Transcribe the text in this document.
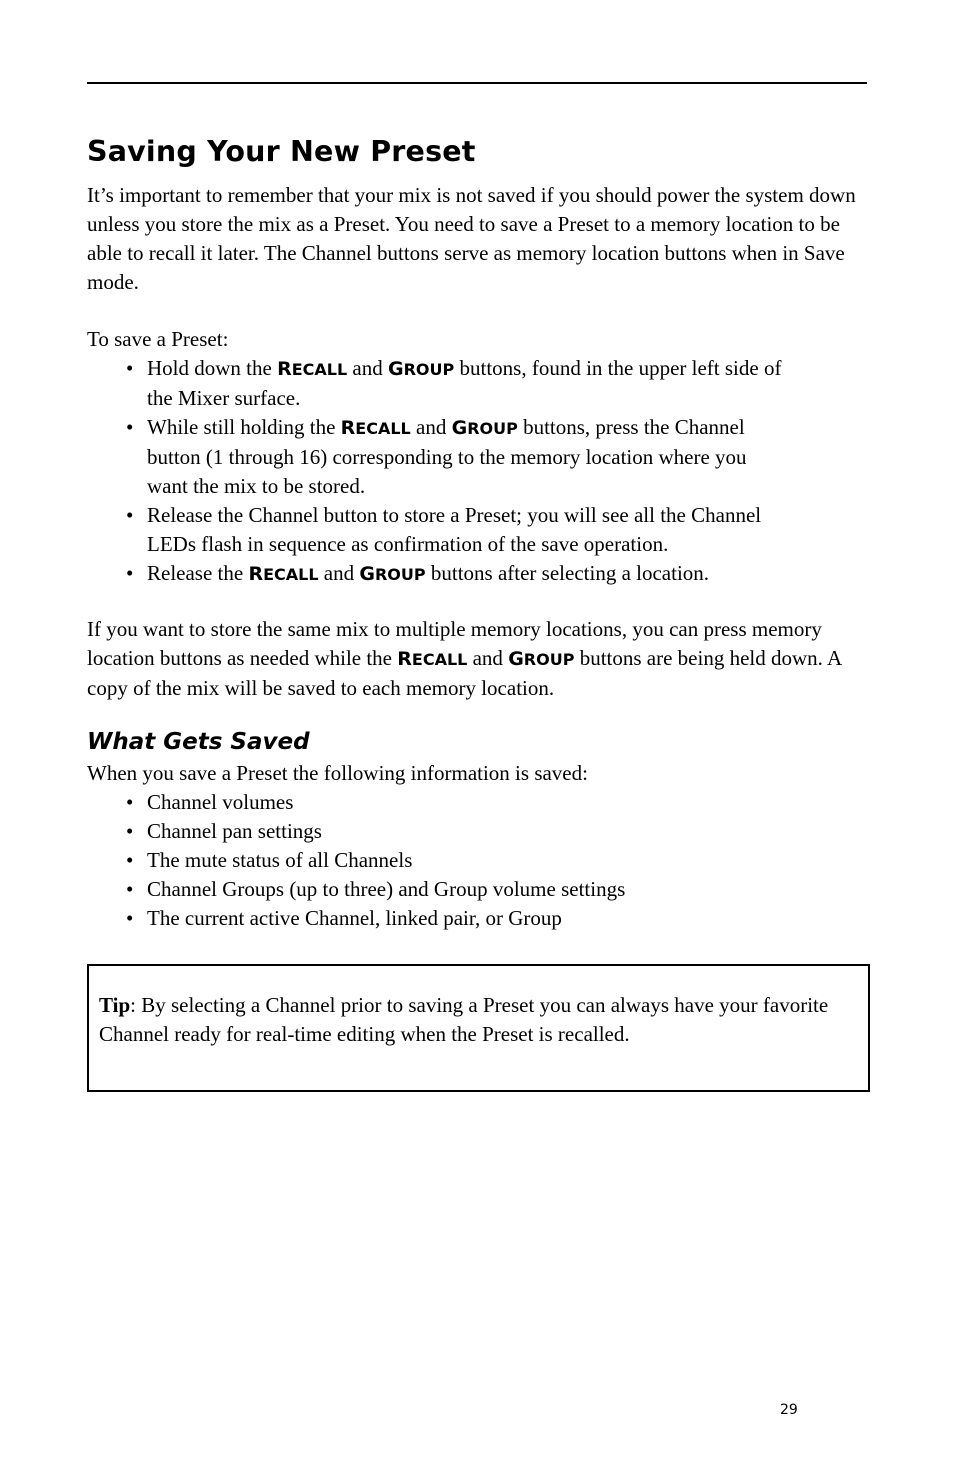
Saving Your New Preset

It’s important to remember that your mix is not saved if you should power the system down unless you store the mix as a Preset. You need to save a Preset to a memory location to be able to recall it later. The Channel buttons serve as memory location buttons when in Save mode.

To save a Preset:

• Hold down the RECALL and GROUP buttons, found in the upper left side of the Mixer surface.
• While still holding the RECALL and GROUP buttons, press the Channel button (1 through 16) corresponding to the memory location where you want the mix to be stored.
• Release the Channel button to store a Preset; you will see all the Channel LEDs flash in sequence as confirmation of the save operation.
• Release the RECALL and GROUP buttons after selecting a location.

If you want to store the same mix to multiple memory locations, you can press memory location buttons as needed while the RECALL and GROUP buttons are being held down. A copy of the mix will be saved to each memory location.

What Gets Saved

When you save a Preset the following information is saved:

• Channel volumes
• Channel pan settings
• The mute status of all Channels
• Channel Groups (up to three) and Group volume settings
• The current active Channel, linked pair, or Group

Tip: By selecting a Channel prior to saving a Preset you can always have your favorite Channel ready for real-time editing when the Preset is recalled.

29
